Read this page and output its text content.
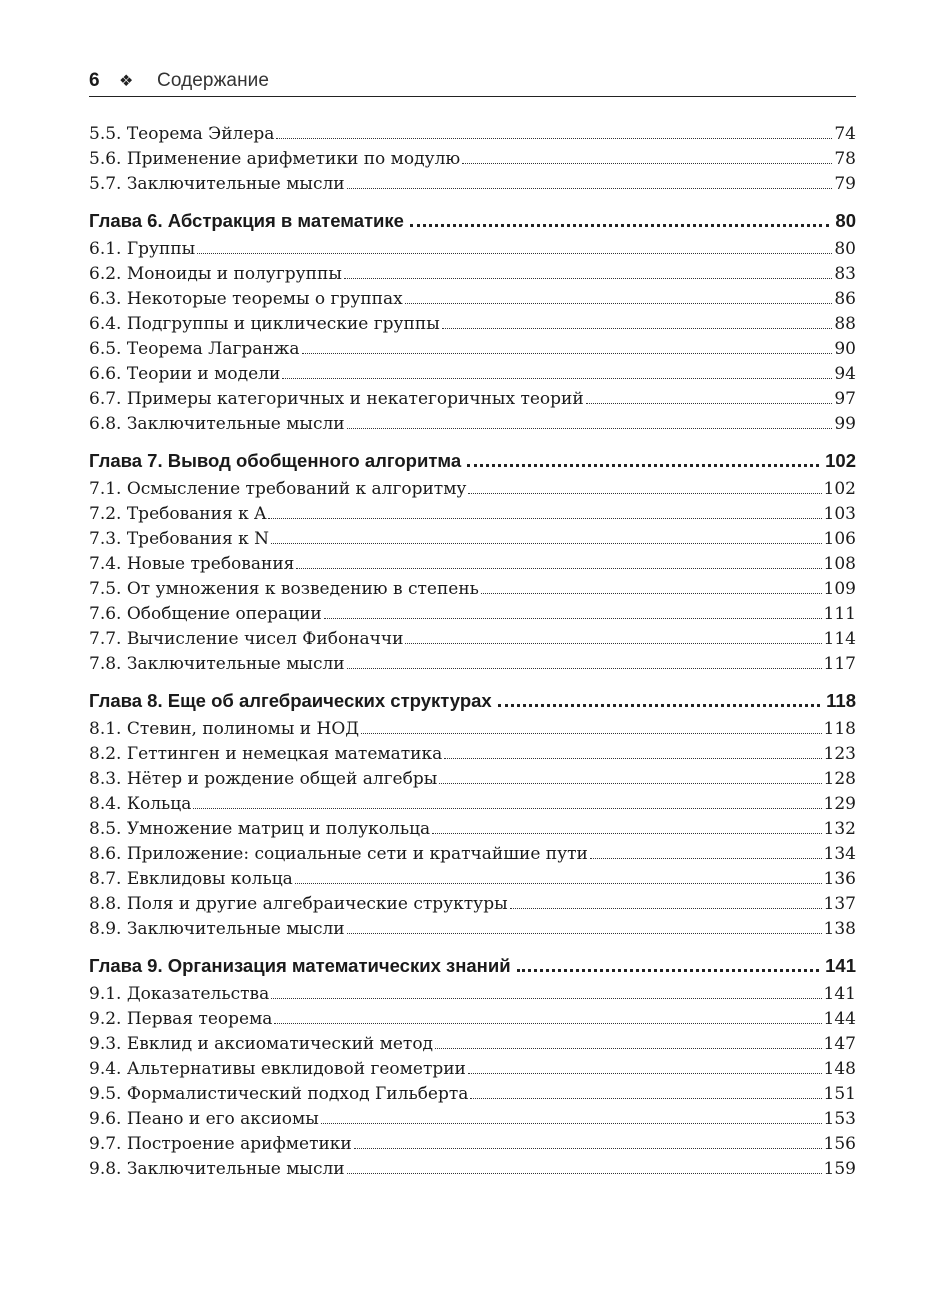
6	❖	Содержание
5.5. Теорема Эйлера	74
5.6. Применение арифметики по модулю	78
5.7. Заключительные мысли	79
Глава 6. Абстракция в математике	80
6.1. Группы	80
6.2. Моноиды и полугруппы	83
6.3. Некоторые теоремы о группах	86
6.4. Подгруппы и циклические группы	88
6.5. Теорема Лагранжа	90
6.6. Теории и модели	94
6.7. Примеры категоричных и некатегоричных теорий	97
6.8. Заключительные мысли	99
Глава 7. Вывод обобщенного алгоритма	102
7.1. Осмысление требований к алгоритму	102
7.2. Требования к A	103
7.3. Требования к N	106
7.4. Новые требования	108
7.5. От умножения к возведению в степень	109
7.6. Обобщение операции	111
7.7. Вычисление чисел Фибоначчи	114
7.8. Заключительные мысли	117
Глава 8. Еще об алгебраических структурах	118
8.1. Стевин, полиномы и НОД	118
8.2. Геттинген и немецкая математика	123
8.3. Нётер и рождение общей алгебры	128
8.4. Кольца	129
8.5. Умножение матриц и полукольца	132
8.6. Приложение: социальные сети и кратчайшие пути	134
8.7. Евклидовы кольца	136
8.8. Поля и другие алгебраические структуры	137
8.9. Заключительные мысли	138
Глава 9. Организация математических знаний	141
9.1. Доказательства	141
9.2. Первая теорема	144
9.3. Евклид и аксиоматический метод	147
9.4. Альтернативы евклидовой геометрии	148
9.5. Формалистический подход Гильберта	151
9.6. Пеано и его аксиомы	153
9.7. Построение арифметики	156
9.8. Заключительные мысли	159
